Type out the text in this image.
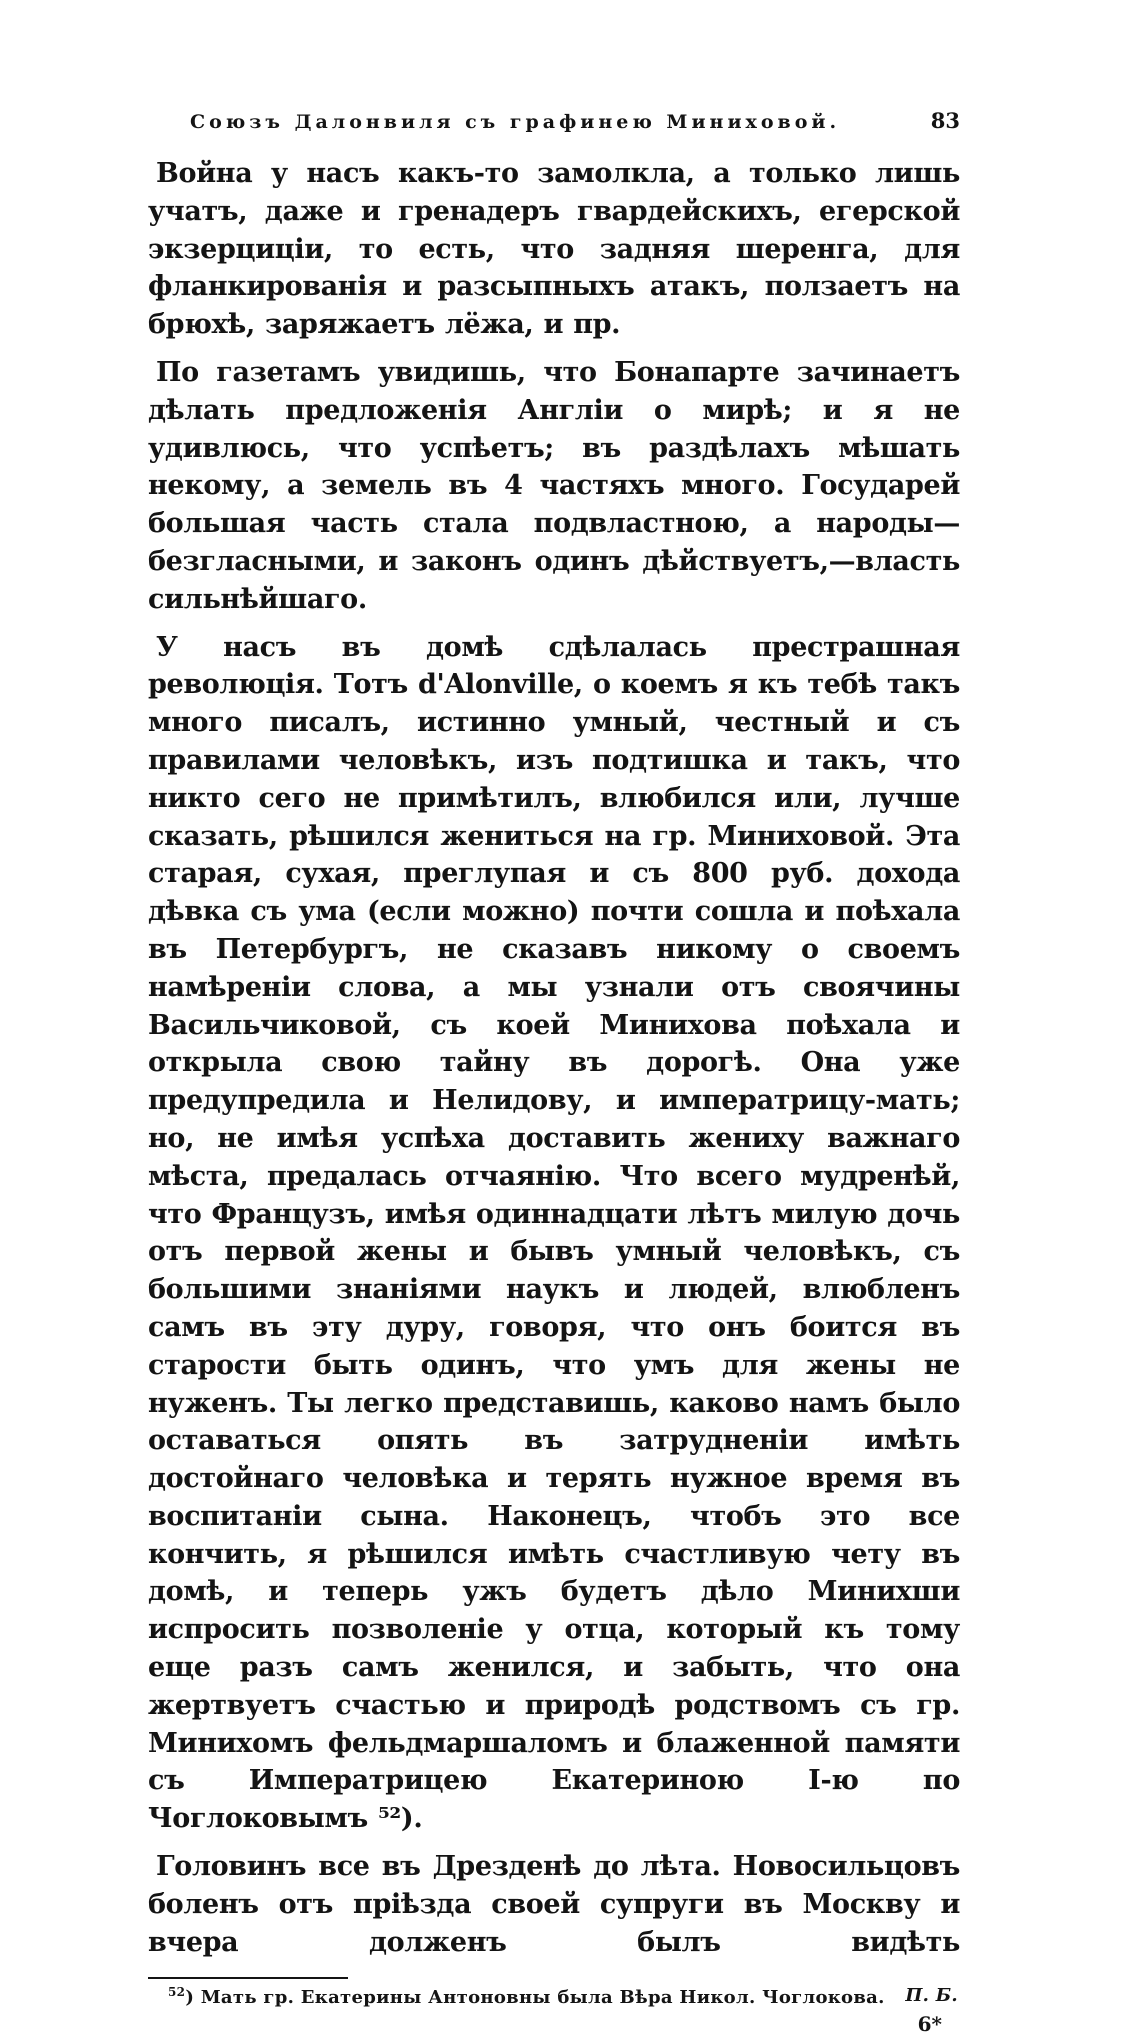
Союзъ Далонвиля съ графинею Миниховой.	83

Война у насъ какъ-то замолкла, а только лишь учатъ, даже и гренадеръ гвардейскихъ, егерской экзерциціи, то есть, что задняя шеренга, для фланкированія и разсыпныхъ атакъ, ползаетъ на брюхѣ, заряжаетъ лёжа, и пр.

По газетамъ увидишь, что Бонапарте зачинаетъ дѣлать предложенія Англіи о мирѣ; и я не удивлюсь, что успѣетъ; въ раздѣлахъ мѣшать некому, а земель въ 4 частяхъ много. Государей большая часть стала подвластною, а народы—безгласными, и законъ одинъ дѣйствуетъ,—власть сильнѣйшаго.

У насъ въ домѣ сдѣлалась престрашная революція. Тотъ d'Alonville, о коемъ я къ тебѣ такъ много писалъ, истинно умный, честный и съ правилами человѣкъ, изъ подтишка и такъ, что никто сего не примѣтилъ, влюбился или, лучше сказать, рѣшился жениться на гр. Миниховой. Эта старая, сухая, преглупая и съ 800 руб. дохода дѣвка съ ума (если можно) почти сошла и поѣхала въ Петербургъ, не сказавъ никому о своемъ намѣреніи слова, а мы узнали отъ своячины Васильчиковой, съ коей Минихова поѣхала и открыла свою тайну въ дорогѣ. Она уже предупредила и Нелидову, и императрицу-мать; но, не имѣя успѣха доставить жениху важнаго мѣста, предалась отчаянію. Что всего мудренѣй, что Французъ, имѣя одиннадцати лѣтъ милую дочь отъ первой жены и бывъ умный человѣкъ, съ большими знаніями наукъ и людей, влюбленъ самъ въ эту дуру, говоря, что онъ боится въ старости быть одинъ, что умъ для жены не нуженъ. Ты легко представишь, каково намъ было оставаться опять въ затрудненіи имѣть достойнаго человѣка и терять нужное время въ воспитаніи сына. Наконецъ, чтобъ это все кончить, я рѣшился имѣть счастливую чету въ домѣ, и теперь ужъ будетъ дѣло Минихши испросить позволеніе у отца, который къ тому еще разъ самъ женился, и забыть, что она жертвуетъ счастью и природѣ родствомъ съ гр. Минихомъ фельдмаршаломъ и блаженной памяти съ Императрицею Екатериною I-ю по Чоглоковымъ ⁵²).

Головинъ все въ Дрезденѣ до лѣта. Новосильцовъ боленъ отъ пріѣзда своей супруги въ Москву и вчера долженъ былъ видѣть

$^{52}$) Мать гр. Екатерины Антоновны была Вѣра Никол. Чоглокова. П. Б.
6*
